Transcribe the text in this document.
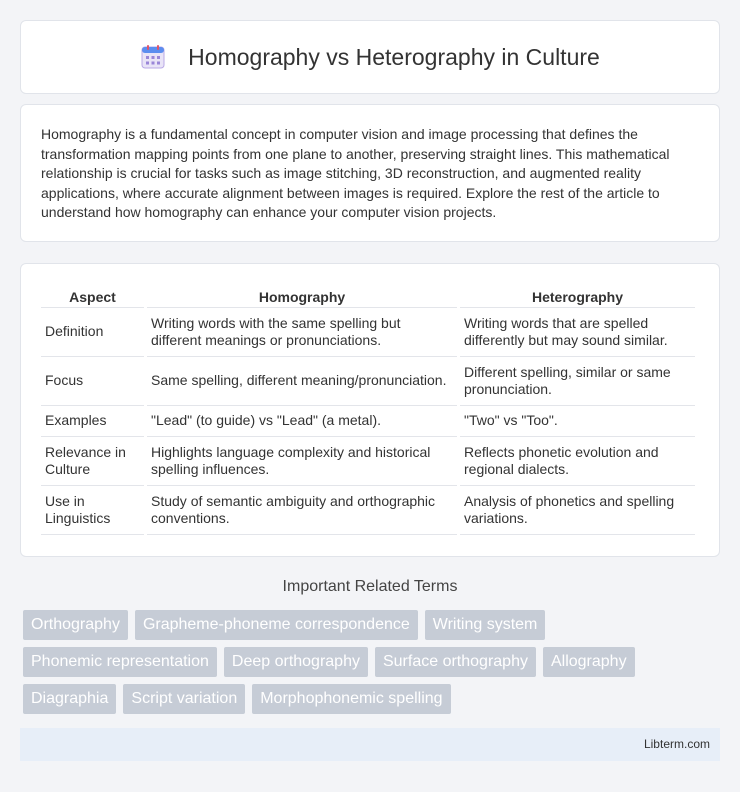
Homography vs Heterography in Culture

Homography is a fundamental concept in computer vision and image processing that defines the transformation mapping points from one plane to another, preserving straight lines. This mathematical relationship is crucial for tasks such as image stitching, 3D reconstruction, and augmented reality applications, where accurate alignment between images is required. Explore the rest of the article to understand how homography can enhance your computer vision projects.

Aspect	Homography	Heterography
Definition	Writing words with the same spelling but different meanings or pronunciations.	Writing words that are spelled differently but may sound similar.
Focus	Same spelling, different meaning/pronunciation.	Different spelling, similar or same pronunciation.
Examples	"Lead" (to guide) vs "Lead" (a metal).	"Two" vs "Too".
Relevance in Culture	Highlights language complexity and historical spelling influences.	Reflects phonetic evolution and regional dialects.
Use in Linguistics	Study of semantic ambiguity and orthographic conventions.	Analysis of phonetics and spelling variations.
Important Related Terms
Orthography	Grapheme-phoneme correspondence	Writing system
Phonemic representation	Deep orthography	Surface orthography	Allography
Diagraphia	Script variation	Morphophonemic spelling
Libterm.com
